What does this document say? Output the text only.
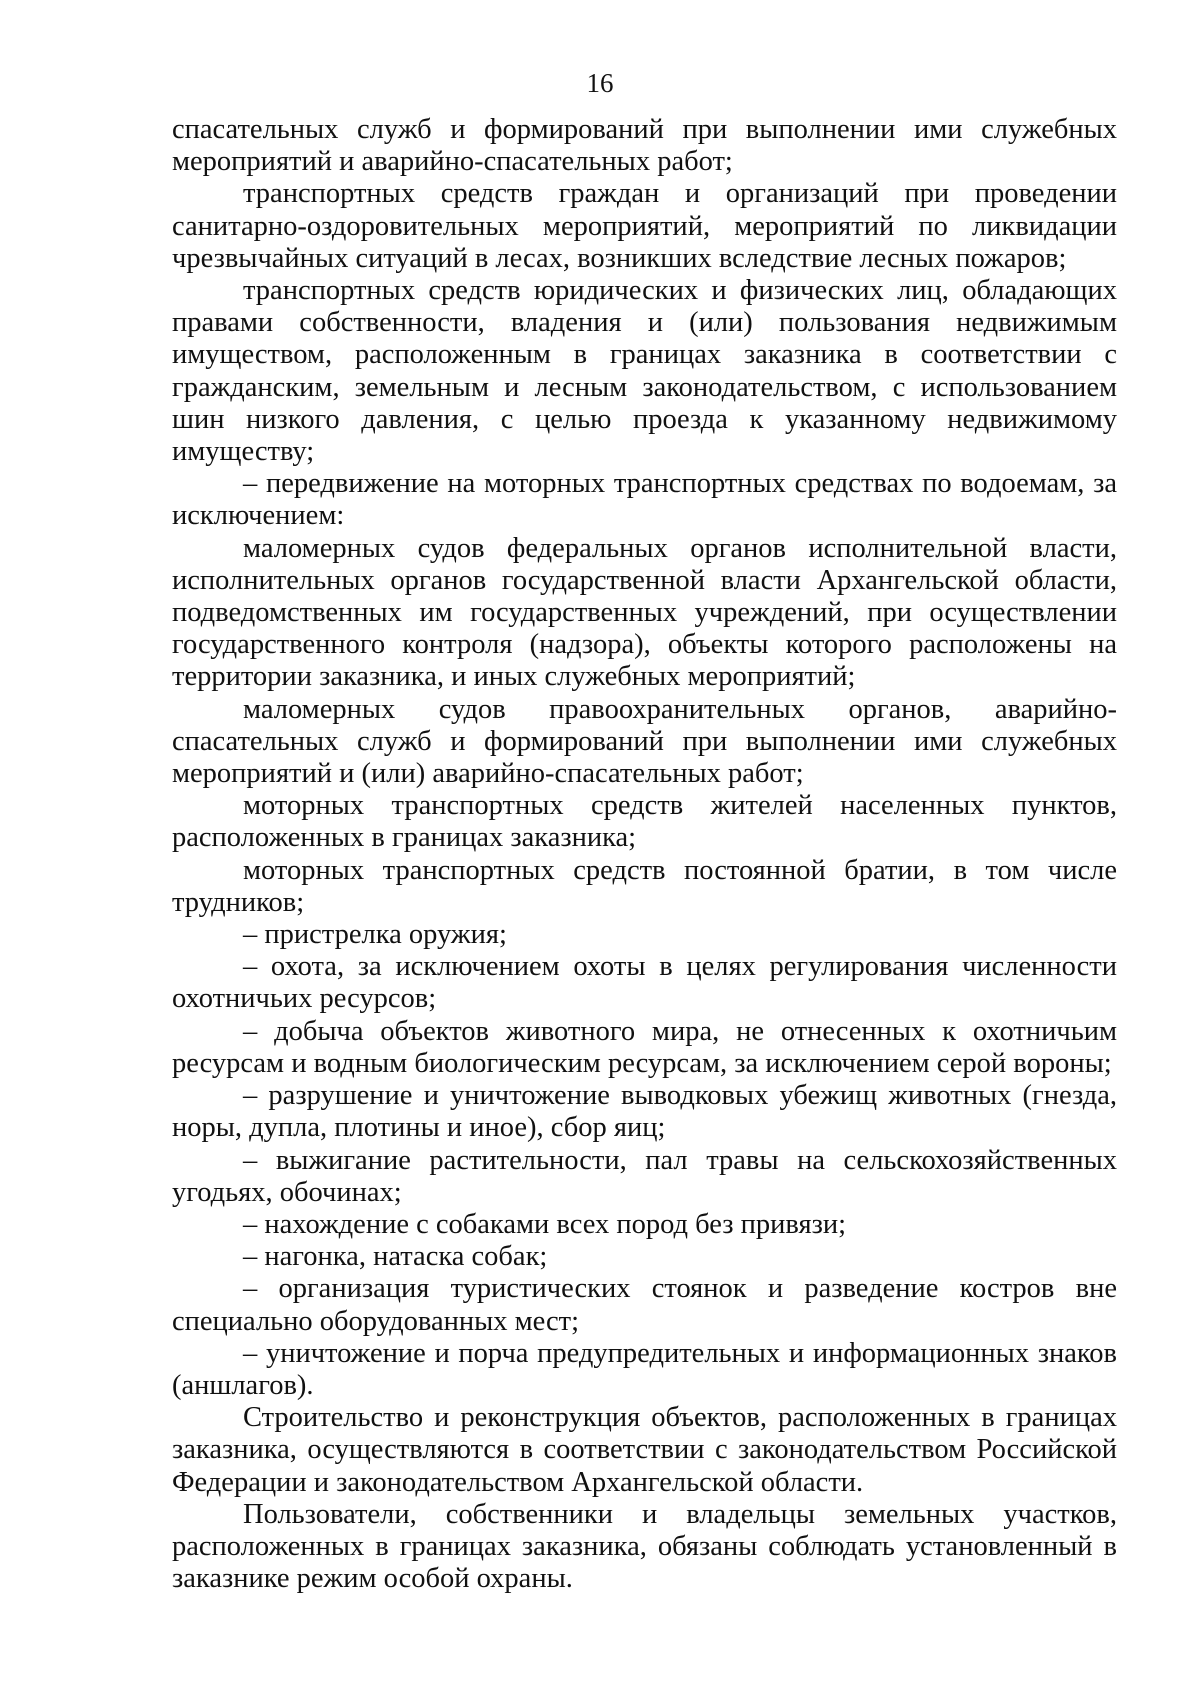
16

спасательных служб и формирований при выполнении ими служебных мероприятий и аварийно-спасательных работ;

транспортных средств граждан и организаций при проведении санитарно-оздоровительных мероприятий, мероприятий по ликвидации чрезвычайных ситуаций в лесах, возникших вследствие лесных пожаров;

транспортных средств юридических и физических лиц, обладающих правами собственности, владения и (или) пользования недвижимым имуществом, расположенным в границах заказника в соответствии с гражданским, земельным и лесным законодательством, с использованием шин низкого давления, с целью проезда к указанному недвижимому имуществу;

– передвижение на моторных транспортных средствах по водоемам, за исключением:

маломерных судов федеральных органов исполнительной власти, исполнительных органов государственной власти Архангельской области, подведомственных им государственных учреждений, при осуществлении государственного контроля (надзора), объекты которого расположены на территории заказника, и иных служебных мероприятий;

маломерных судов правоохранительных органов, аварийно-спасательных служб и формирований при выполнении ими служебных мероприятий и (или) аварийно-спасательных работ;

моторных транспортных средств жителей населенных пунктов, расположенных в границах заказника;

моторных транспортных средств постоянной братии, в том числе трудников;

– пристрелка оружия;

– охота, за исключением охоты в целях регулирования численности охотничьих ресурсов;

– добыча объектов животного мира, не отнесенных к охотничьим ресурсам и водным биологическим ресурсам, за исключением серой вороны;

– разрушение и уничтожение выводковых убежищ животных (гнезда, норы, дупла, плотины и иное), сбор яиц;

– выжигание растительности, пал травы на сельскохозяйственных угодьях, обочинах;

– нахождение с собаками всех пород без привязи;

– нагонка, натаска собак;

– организация туристических стоянок и разведение костров вне специально оборудованных мест;

– уничтожение и порча предупредительных и информационных знаков (аншлагов).

Строительство и реконструкция объектов, расположенных в границах заказника, осуществляются в соответствии с законодательством Российской Федерации и законодательством Архангельской области.

Пользователи, собственники и владельцы земельных участков, расположенных в границах заказника, обязаны соблюдать установленный в заказнике режим особой охраны.
